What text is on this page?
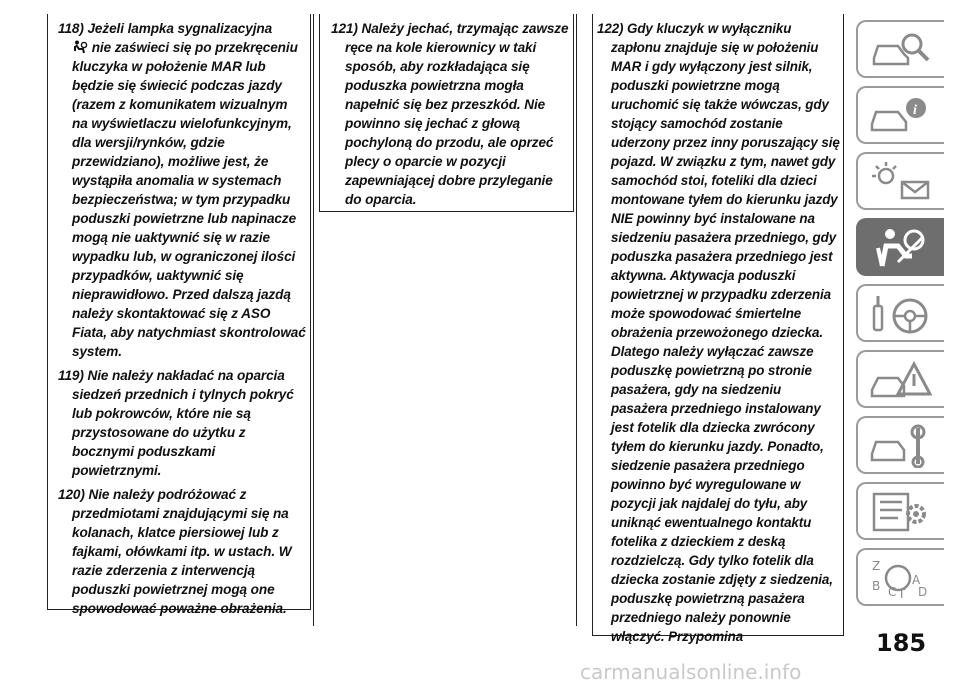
118) Jeżeli lampka sygnalizacyjna
nie zaświeci się po przekręceniu kluczyka w położenie MAR lub będzie się świecić podczas jazdy (razem z komunikatem wizualnym na wyświetlaczu wielofunkcyjnym, dla wersji/rynków, gdzie przewidziano), możliwe jest, że wystąpiła anomalia w systemach bezpieczeństwa; w tym przypadku poduszki powietrzne lub napinacze mogą nie uaktywnić się w razie wypadku lub, w ograniczonej ilości przypadków, uaktywnić się nieprawidłowo. Przed dalszą jazdą należy skontaktować się z ASO Fiata, aby natychmiast skontrolować system.

119) Nie należy nakładać na oparcia siedzeń przednich i tylnych pokryć lub pokrowców, które nie są przystosowane do użytku z bocznymi poduszkami powietrznymi.

120) Nie należy podróżować z przedmiotami znajdującymi się na kolanach, klatce piersiowej lub z fajkami, ołówkami itp. w ustach. W razie zderzenia z interwencją poduszki powietrznej mogą one spowodować poważne obrażenia.

121) Należy jechać, trzymając zawsze ręce na kole kierownicy w taki sposób, aby rozkładająca się poduszka powietrzna mogła napełnić się bez przeszkód. Nie powinno się jechać z głową pochyloną do przodu, ale oprzeć plecy o oparcie w pozycji zapewniającej dobre przyleganie do oparcia.

122) Gdy kluczyk w wyłączniku zapłonu znajduje się w położeniu MAR i gdy wyłączony jest silnik, poduszki powietrzne mogą uruchomić się także wówczas, gdy stojący samochód zostanie uderzony przez inny poruszający się pojazd. W związku z tym, nawet gdy samochód stoi, foteliki dla dzieci montowane tyłem do kierunku jazdy NIE powinny być instalowane na siedzeniu pasażera przedniego, gdy poduszka pasażera przedniego jest aktywna. Aktywacja poduszki powietrznej w przypadku zderzenia może spowodować śmiertelne obrażenia przewożonego dziecka. Dlatego należy wyłączać zawsze poduszkę powietrzną po stronie pasażera, gdy na siedzeniu pasażera przedniego instalowany jest fotelik dla dziecka zwrócony tyłem do kierunku jazdy. Ponadto, siedzenie pasażera przedniego powinno być wyregulowane w pozycji jak najdalej do tyłu, aby uniknąć ewentualnego kontaktu fotelika z dzieckiem z deską rozdzielczą. Gdy tylko fotelik dla dziecka zostanie zdjęty z siedzenia, poduszkę powietrzną pasażera przedniego należy ponownie włączyć. Przypomina

i
Z
B C T
A
D
185
carmanualsonline.info
